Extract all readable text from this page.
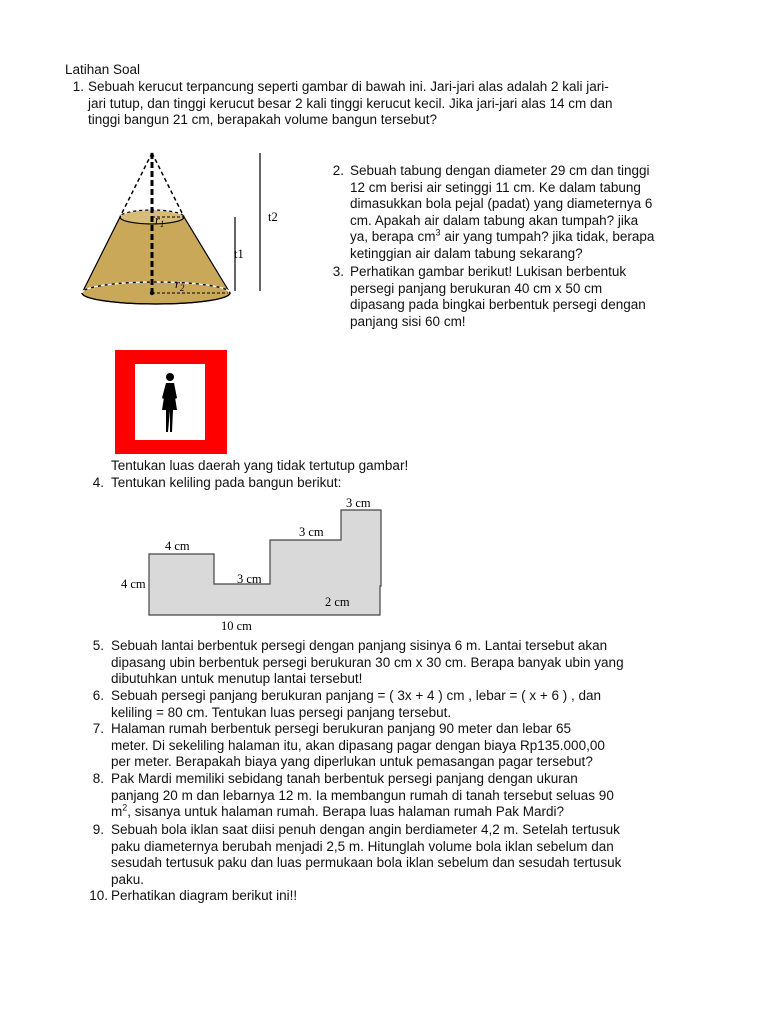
Latihan Soal
1. Sebuah kerucut terpancung seperti gambar di bawah ini. Jari-jari alas adalah 2 kali jari-
jari tutup, dan tinggi kerucut besar 2 kali tinggi kerucut kecil. Jika jari-jari alas 14 cm dan
tinggi bangun 21 cm, berapakah volume bangun tersebut?
$r_1$
$r_2$
t2
t1
2. Sebuah tabung dengan diameter 29 cm dan tinggi
12 cm berisi air setinggi 11 cm. Ke dalam tabung
dimasukkan bola pejal (padat) yang diameternya 6
cm. Apakah air dalam tabung akan tumpah? jika
ya, berapa $cm^3$ air yang tumpah? jika tidak, berapa
ketinggian air dalam tabung sekarang?
3. Perhatikan gambar berikut! Lukisan berbentuk
persegi panjang berukuran 40 cm x 50 cm
dipasang pada bingkai berbentuk persegi dengan
panjang sisi 60 cm!
Tentukan luas daerah yang tidak tertutup gambar!
4. Tentukan keliling pada bangun berikut:
3 cm
3 cm
4 cm
4 cm	3 cm
2 cm
10 cm
5. Sebuah lantai berbentuk persegi dengan panjang sisinya 6 m. Lantai tersebut akan
dipasang ubin berbentuk persegi berukuran 30 cm x 30 cm. Berapa banyak ubin yang
dibutuhkan untuk menutup lantai tersebut!
6. Sebuah persegi panjang berukuran panjang = ( 3x + 4 ) cm , lebar = ( x + 6 ) , dan
keliling = 80 cm. Tentukan luas persegi panjang tersebut.
7. Halaman rumah berbentuk persegi berukuran panjang 90 meter dan lebar 65
meter. Di sekeliling halaman itu, akan dipasang pagar dengan biaya Rp135.000,00
per meter. Berapakah biaya yang diperlukan untuk pemasangan pagar tersebut?
8. Pak Mardi memiliki sebidang tanah berbentuk persegi panjang dengan ukuran
panjang 20 m dan lebarnya 12 m. Ia membangun rumah di tanah tersebut seluas 90
$m^2$, sisanya untuk halaman rumah. Berapa luas halaman rumah Pak Mardi?
9. Sebuah bola iklan saat diisi penuh dengan angin berdiameter 4,2 m. Setelah tertusuk
paku diameternya berubah menjadi 2,5 m. Hitunglah volume bola iklan sebelum dan
sesudah tertusuk paku dan luas permukaan bola iklan sebelum dan sesudah tertusuk
paku.
10. Perhatikan diagram berikut ini!!
